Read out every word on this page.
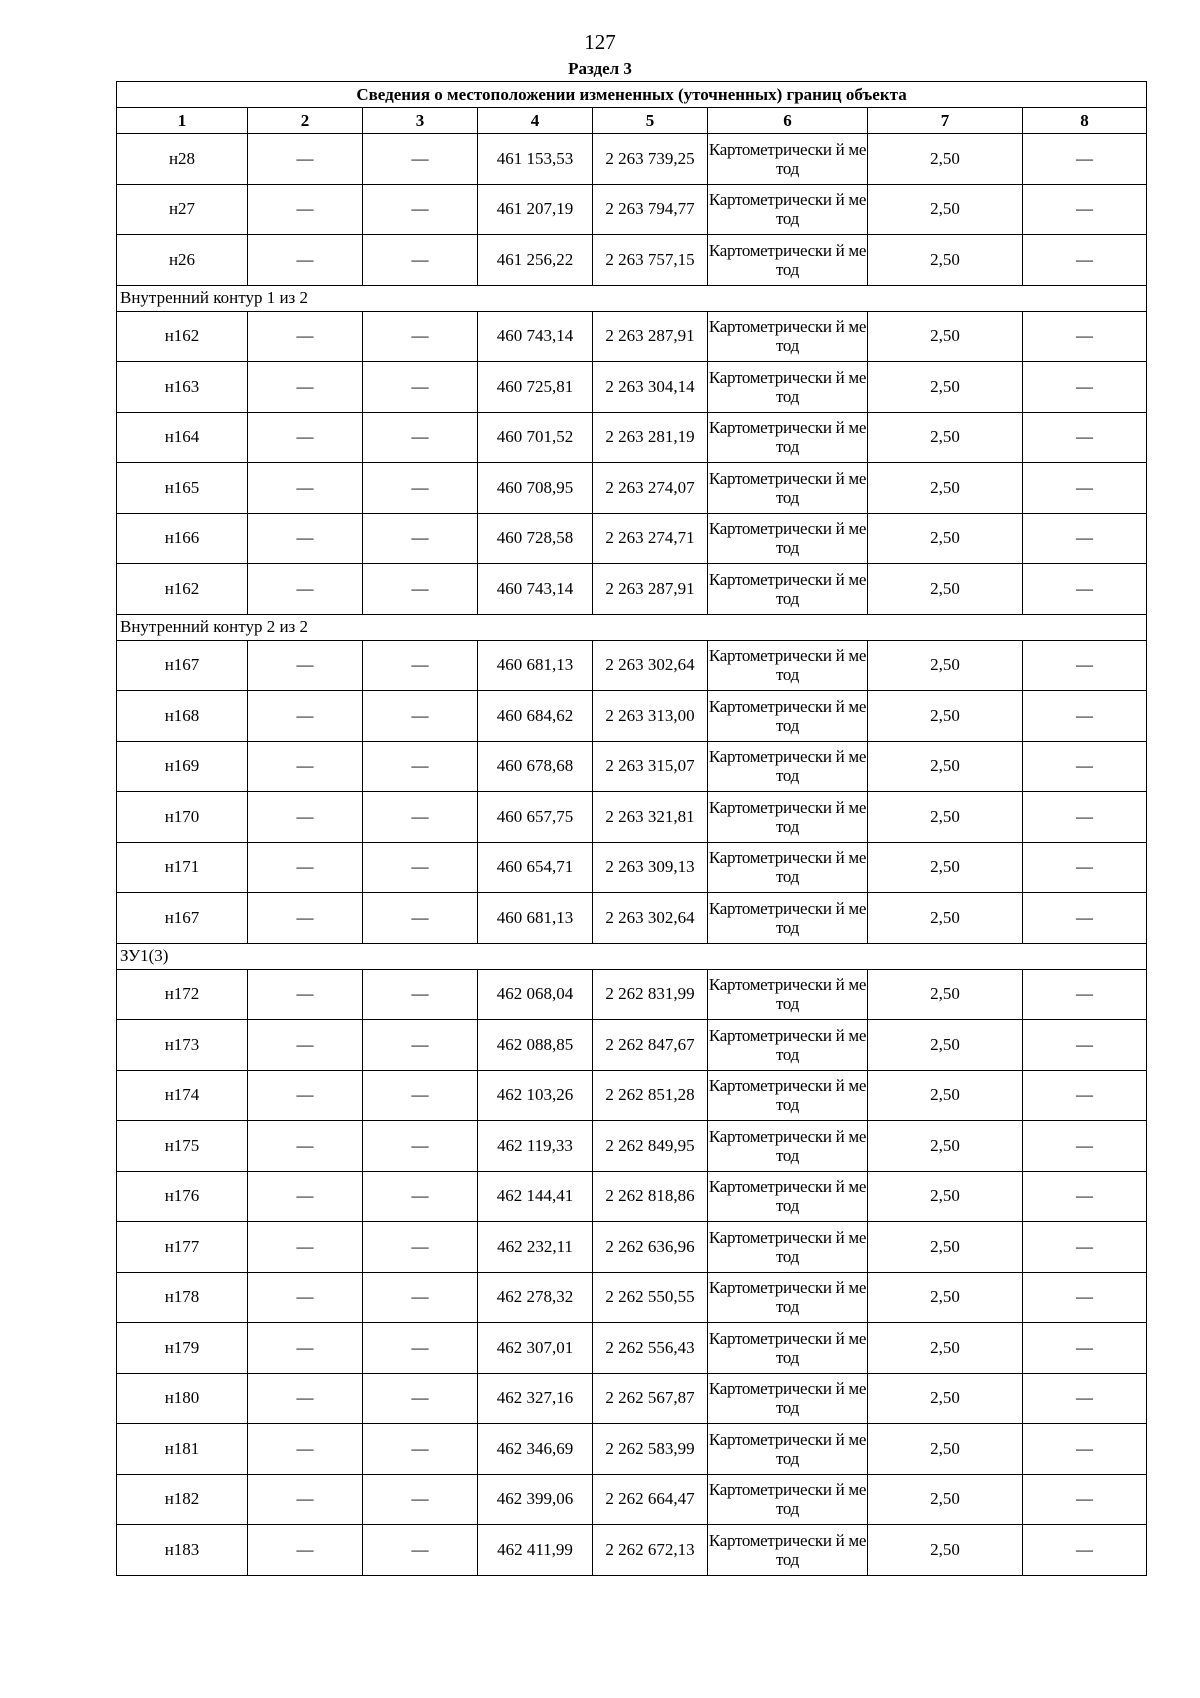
127
Раздел 3
Сведения о местоположении измененных (уточненных) границ объекта							
1	2	3	4	5	6	7	8
н28	—	—	461 153,53	2 263 739,25	Картометрически й метод	2,50	—
н27	—	—	461 207,19	2 263 794,77	Картометрически й метод	2,50	—
н26	—	—	461 256,22	2 263 757,15	Картометрически й метод	2,50	—
Внутренний контур 1 из 2							
н162	—	—	460 743,14	2 263 287,91	Картометрически й метод	2,50	—
н163	—	—	460 725,81	2 263 304,14	Картометрически й метод	2,50	—
н164	—	—	460 701,52	2 263 281,19	Картометрически й метод	2,50	—
н165	—	—	460 708,95	2 263 274,07	Картометрически й метод	2,50	—
н166	—	—	460 728,58	2 263 274,71	Картометрически й метод	2,50	—
н162	—	—	460 743,14	2 263 287,91	Картометрически й метод	2,50	—
Внутренний контур 2 из 2							
н167	—	—	460 681,13	2 263 302,64	Картометрически й метод	2,50	—
н168	—	—	460 684,62	2 263 313,00	Картометрически й метод	2,50	—
н169	—	—	460 678,68	2 263 315,07	Картометрически й метод	2,50	—
н170	—	—	460 657,75	2 263 321,81	Картометрически й метод	2,50	—
н171	—	—	460 654,71	2 263 309,13	Картометрически й метод	2,50	—
н167	—	—	460 681,13	2 263 302,64	Картометрически й метод	2,50	—
ЗУ1(3)							
н172	—	—	462 068,04	2 262 831,99	Картометрически й метод	2,50	—
н173	—	—	462 088,85	2 262 847,67	Картометрически й метод	2,50	—
н174	—	—	462 103,26	2 262 851,28	Картометрически й метод	2,50	—
н175	—	—	462 119,33	2 262 849,95	Картометрически й метод	2,50	—
н176	—	—	462 144,41	2 262 818,86	Картометрически й метод	2,50	—
н177	—	—	462 232,11	2 262 636,96	Картометрически й метод	2,50	—
н178	—	—	462 278,32	2 262 550,55	Картометрически й метод	2,50	—
н179	—	—	462 307,01	2 262 556,43	Картометрически й метод	2,50	—
н180	—	—	462 327,16	2 262 567,87	Картометрически й метод	2,50	—
н181	—	—	462 346,69	2 262 583,99	Картометрически й метод	2,50	—
н182	—	—	462 399,06	2 262 664,47	Картометрически й метод	2,50	—
н183	—	—	462 411,99	2 262 672,13	Картометрически й метод	2,50	—
